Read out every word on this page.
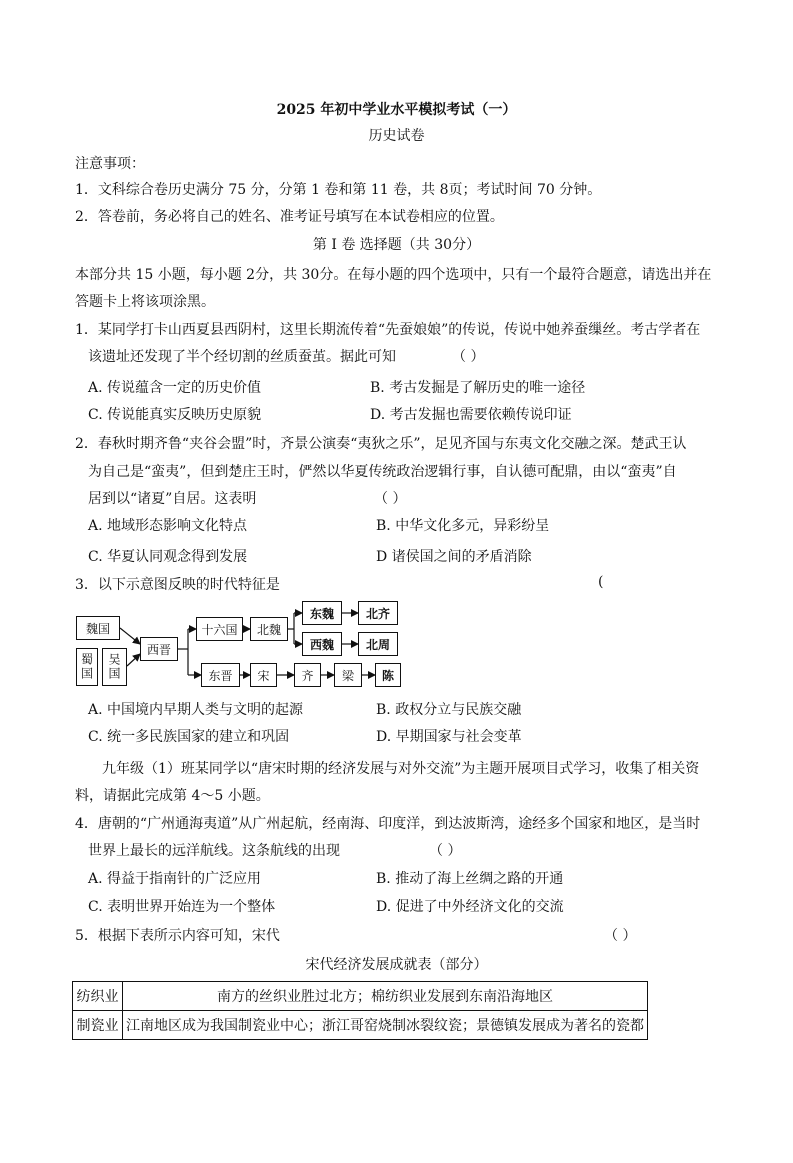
2025 年初中学业水平模拟考试（一）
历史试卷
注意事项：
1．文科综合卷历史满分 75 分，分第 1 卷和第 11 卷，共 8页；考试时间 70 分钟。
2．答卷前，务必将自己的姓名、准考证号填写在本试卷相应的位置。
第 I 卷 选择题（共 30分）
本部分共 15 小题，每小题 2分，共 30分。在每小题的四个选项中，只有一个最符合题意，请选出并在
答题卡上将该项涂黑。
1．某同学打卡山西夏县西阴村，这里长期流传着“先蚕娘娘”的传说，传说中她养蚕缫丝。考古学者在
该遗址还发现了半个经切割的丝质蚕茧。据此可知	（ ）
A. 传说蕴含一定的历史价值	B. 考古发掘是了解历史的唯一途径
C. 传说能真实反映历史原貌	D. 考古发掘也需要依赖传说印证
2．春秋时期齐鲁“夹谷会盟”时，齐景公演奏“夷狄之乐”，足见齐国与东夷文化交融之深。楚武王认
为自己是“蛮夷”，但到楚庄王时，俨然以华夏传统政治逻辑行事，自认德可配鼎，由以“蛮夷”自
居到以“诸夏”自居。这表明	（ ）
A. 地域形态影响文化特点	B. 中华文化多元，异彩纷呈
C. 华夏认同观念得到发展	D 诸侯国之间的矛盾消除
3．以下示意图反映的时代特征是	(
魏国
蜀国	吴国
西晋
十六国	北魏
东魏	北齐
西魏	北周
东晋	宋	齐	梁	陈
A. 中国境内早期人类与文明的起源	B. 政权分立与民族交融
C. 统一多民族国家的建立和巩固	D. 早期国家与社会变革
九年级（1）班某同学以“唐宋时期的经济发展与对外交流”为主题开展项目式学习，收集了相关资
料，请据此完成第 4～5 小题。
4．唐朝的“广州通海夷道”从广州起航，经南海、印度洋，到达波斯湾，途经多个国家和地区，是当时
世界上最长的远洋航线。这条航线的出现	（ ）
A. 得益于指南针的广泛应用	B. 推动了海上丝绸之路的开通
C. 表明世界开始连为一个整体	D. 促进了中外经济文化的交流
5．根据下表所示内容可知，宋代	（ ）
宋代经济发展成就表（部分）
纺织业	南方的丝织业胜过北方；棉纺织业发展到东南沿海地区
制瓷业	江南地区成为我国制瓷业中心；浙江哥窑烧制冰裂纹瓷；景德镇发展成为著名的瓷都
